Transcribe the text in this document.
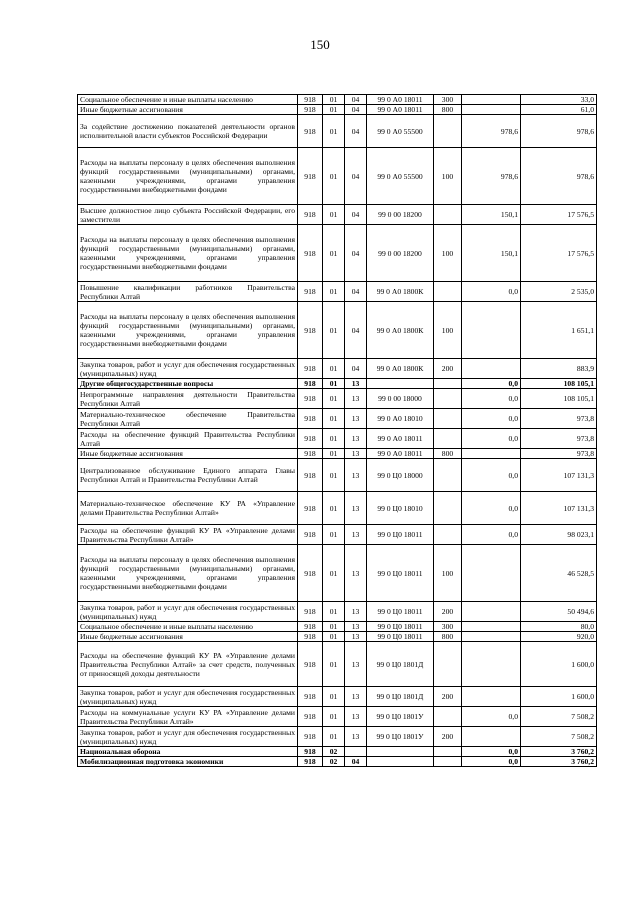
150
Социальное обеспечение и иные выплаты населению	918	01	04	99 0 А0 18011	300		33,0
Иные бюджетные ассигнования	918	01	04	99 0 А0 18011	800		61,0
За содействие достижению показателей деятельности органов исполнительной власти субъектов Российской Федерации	918	01	04	99 0 А0 55500		978,6	978,6
Расходы на выплаты персоналу в целях обеспечения выполнения функций государственными (муниципальными) органами, казенными учреждениями, органами управления государственными внебюджетными фондами	918	01	04	99 0 А0 55500	100	978,6	978,6
Высшее должностное лицо субъекта Российской Федерации, его заместители	918	01	04	99 0 00 18200		150,1	17 576,5
Расходы на выплаты персоналу в целях обеспечения выполнения функций государственными (муниципальными) органами, казенными учреждениями, органами управления государственными внебюджетными фондами	918	01	04	99 0 00 18200	100	150,1	17 576,5
Повышение квалификации работников Правительства Республики Алтай	918	01	04	99 0 А0 1800К		0,0	2 535,0
Расходы на выплаты персоналу в целях обеспечения выполнения функций государственными (муниципальными) органами, казенными учреждениями, органами управления государственными внебюджетными фондами	918	01	04	99 0 А0 1800К	100		1 651,1
Закупка товаров, работ и услуг для обеспечения государственных (муниципальных) нужд	918	01	04	99 0 А0 1800К	200		883,9
Другие общегосударственные вопросы	918	01	13			0,0	108 105,1
Непрограммные направления деятельности Правительства Республики Алтай	918	01	13	99 0 00 18000		0,0	108 105,1
Материально-техническое обеспечение Правительства Республики Алтай	918	01	13	99 0 А0 18010		0,0	973,8
Расходы на обеспечение функций Правительства Республики Алтай	918	01	13	99 0 А0 18011		0,0	973,8
Иные бюджетные ассигнования	918	01	13	99 0 А0 18011	800		973,8
Централизованное обслуживание Единого аппарата Главы Республики Алтай и Правительства Республики Алтай	918	01	13	99 0 Ц0 18000		0,0	107 131,3
Материально-техническое обеспечение КУ РА «Управление делами Правительства Республики Алтай»	918	01	13	99 0 Ц0 18010		0,0	107 131,3
Расходы на обеспечение функций КУ РА «Управление делами Правительства Республики Алтай»	918	01	13	99 0 Ц0 18011		0,0	98 023,1
Расходы на выплаты персоналу в целях обеспечения выполнения функций государственными (муниципальными) органами, казенными учреждениями, органами управления государственными внебюджетными фондами	918	01	13	99 0 Ц0 18011	100		46 528,5
Закупка товаров, работ и услуг для обеспечения государственных (муниципальных) нужд	918	01	13	99 0 Ц0 18011	200		50 494,6
Социальное обеспечение и иные выплаты населению	918	01	13	99 0 Ц0 18011	300		80,0
Иные бюджетные ассигнования	918	01	13	99 0 Ц0 18011	800		920,0
Расходы на обеспечение функций КУ РА «Управление делами Правительства Республики Алтай» за счет средств, полученных от приносящей доходы деятельности	918	01	13	99 0 Ц0 1801Д			1 600,0
Закупка товаров, работ и услуг для обеспечения государственных (муниципальных) нужд	918	01	13	99 0 Ц0 1801Д	200		1 600,0
Расходы на коммунальные услуги КУ РА «Управление делами Правительства Республики Алтай»	918	01	13	99 0 Ц0 1801У		0,0	7 508,2
Закупка товаров, работ и услуг для обеспечения государственных (муниципальных) нужд	918	01	13	99 0 Ц0 1801У	200		7 508,2
Национальная оборона	918	02				0,0	3 760,2
Мобилизационная подготовка экономики	918	02	04			0,0	3 760,2
